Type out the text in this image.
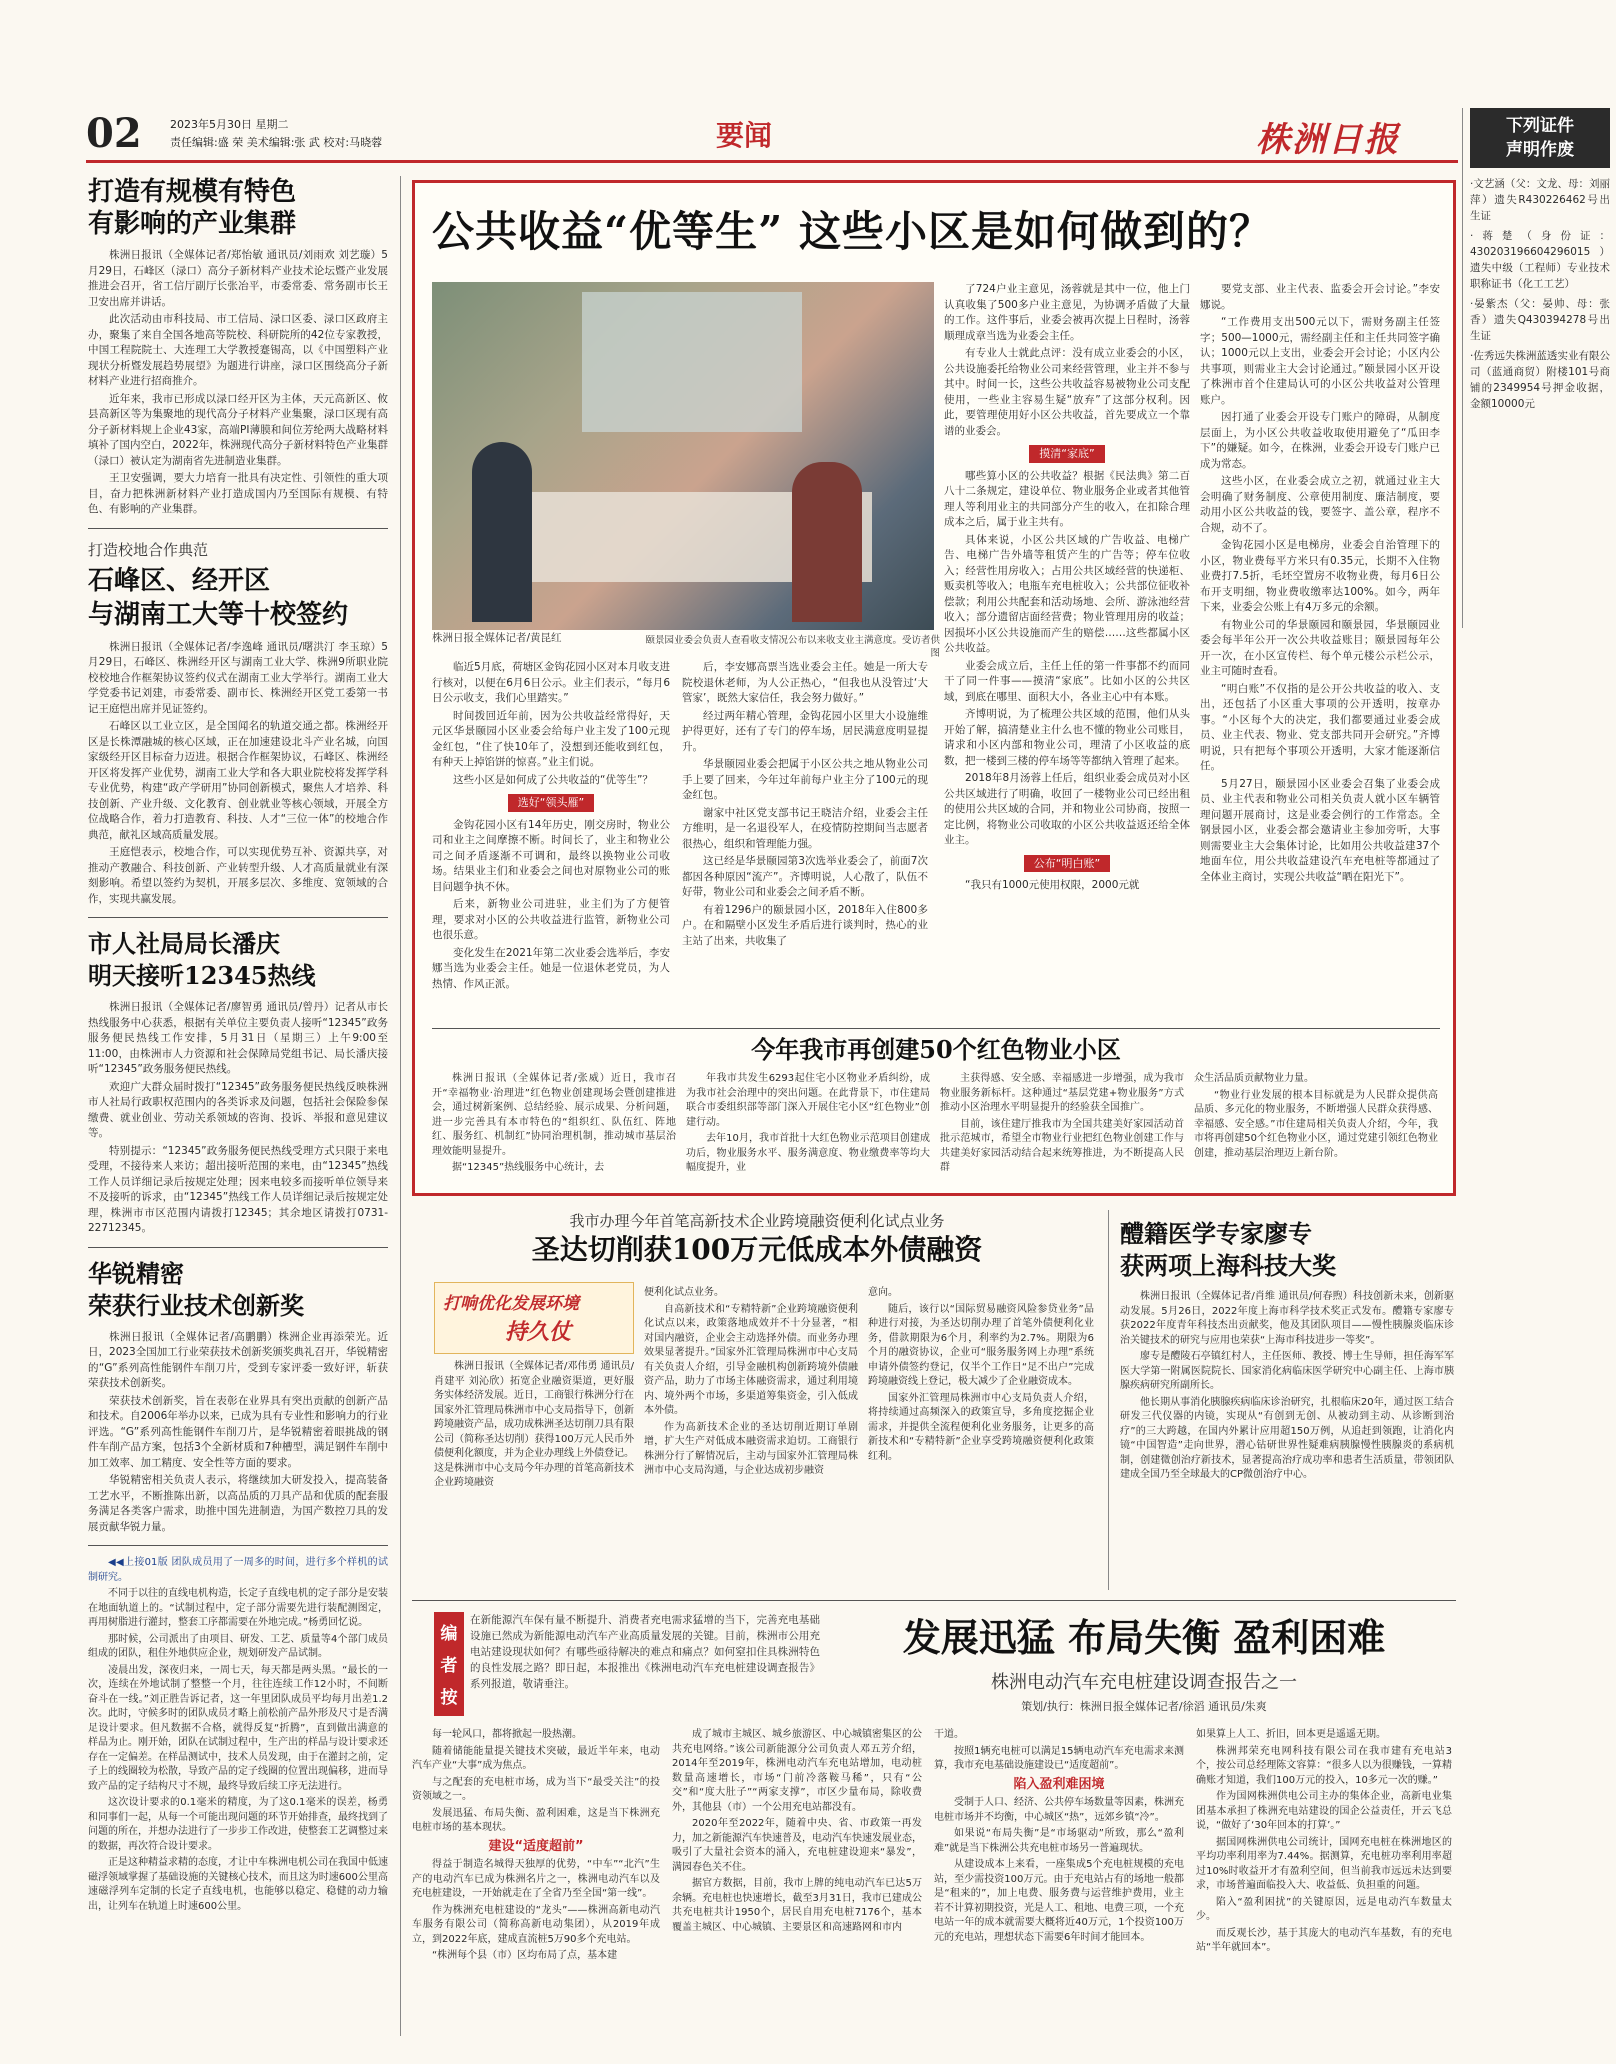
02	2023年5月30日 星期二
责任编辑:盛 荣 美术编辑:张 武 校对:马晓蓉	要闻	株洲日报	下列证件
声明作废

·文艺涵（父：文龙、母：刘丽萍）遗失R430226462号出生证

·蒋楚（身份证：430203196604296015）遗失中级（工程师）专业技术职称证书（化工工艺）

·晏紫杰（父：晏帅、母：张香）遗失Q430394278号出生证

·佐秀远失株洲蓝透实业有限公司（蓝通商贸）附楼101号商铺的2349954号押金收据，金额10000元

打造有规模有特色
有影响的产业集群

株洲日报讯（全媒体记者/郑怡敏 通讯员/刘雨欢 刘艺璇）5月29日，石峰区（渌口）高分子新材料产业技术论坛暨产业发展推进会召开，省工信厅副厅长张冶平，市委常委、常务副市长王卫安出席并讲话。

此次活动由市科技局、市工信局、渌口区委、渌口区政府主办，聚集了来自全国各地高等院校、科研院所的42位专家教授，中国工程院院士、大连理工大学教授蹇锡高，以《中国塑料产业现状分析暨发展趋势展望》为题进行讲座，渌口区围绕高分子新材料产业进行招商推介。

近年来，我市已形成以渌口经开区为主体，天元高新区、攸县高新区等为集聚地的现代高分子材料产业集聚，渌口区现有高分子新材料规上企业43家，高端PI薄膜和间位芳纶两大战略材料填补了国内空白，2022年，株洲现代高分子新材料特色产业集群（渌口）被认定为湖南省先进制造业集群。

王卫安强调，要大力培育一批具有决定性、引领性的重大项目，奋力把株洲新材料产业打造成国内乃至国际有规模、有特色、有影响的产业集群。

打造校地合作典范
石峰区、经开区
与湖南工大等十校签约

株洲日报讯（全媒体记者/李逸峰 通讯员/曙洪汀 李玉琼）5月29日，石峰区、株洲经开区与湖南工业大学、株洲9所职业院校校地合作框架协议签约仪式在湖南工业大学举行。湖南工业大学党委书记刘建，市委常委、副市长、株洲经开区党工委第一书记王庭恺出席并见证签约。

石峰区以工业立区，是全国闻名的轨道交通之都。株洲经开区是长株潭融城的核心区域，正在加速建设北斗产业名城，向国家级经开区目标奋力迈进。根据合作框架协议，石峰区、株洲经开区将发挥产业优势，湖南工业大学和各大职业院校将发挥学科专业优势，构建“政产学研用”协同创新模式，聚焦人才培养、科技创新、产业升级、文化教育、创业就业等核心领域，开展全方位战略合作，着力打造教育、科技、人才“三位一体”的校地合作典范，献礼区域高质量发展。

王庭恺表示，校地合作，可以实现优势互补、资源共享，对推动产教融合、科技创新、产业转型升级、人才高质量就业有深刻影响。希望以签约为契机，开展多层次、多维度、宽领域的合作，实现共赢发展。

市人社局局长潘庆
明天接听12345热线

株洲日报讯（全媒体记者/廖智勇 通讯员/曾丹）记者从市长热线服务中心获悉，根据有关单位主要负责人接听“12345”政务服务便民热线工作安排，5月31日（星期三）上午9:00至11:00，由株洲市人力资源和社会保障局党组书记、局长潘庆接听“12345”政务服务便民热线。

欢迎广大群众届时拨打“12345”政务服务便民热线反映株洲市人社局行政职权范围内的各类诉求及问题，包括社会保险参保缴费、就业创业、劳动关系领域的咨询、投诉、举报和意见建议等。

特别提示：“12345”政务服务便民热线受理方式只限于来电受理，不接待来人来访；超出接听范围的来电，由“12345”热线工作人员详细记录后按规定处理；因来电较多而接听单位领导来不及接听的诉求，由“12345”热线工作人员详细记录后按规定处理，株洲市市区范围内请拨打12345；其余地区请拨打0731-22712345。

华锐精密
荣获行业技术创新奖

株洲日报讯（全媒体记者/高鹏鹏）株洲企业再添荣光。近日，2023全国加工行业荣获技术创新奖颁奖典礼召开，华锐精密的“G”系列高性能钢件车削刀片，受到专家评委一致好评，斩获荣获技术创新奖。

荣获技术创新奖，旨在表彰在业界具有突出贡献的创新产品和技术。自2006年举办以来，已成为具有专业性和影响力的行业评选。“G”系列高性能钢件车削刀片，是华锐精密着眼挑战的钢件车削产品方案，包括3个全新材质和7种槽型，满足钢件车削中加工效率、加工精度、安全性等方面的要求。

华锐精密相关负责人表示，将继续加大研发投入，提高装备工艺水平，不断推陈出新，以高品质的刀具产品和优质的配套服务满足各类客户需求，助推中国先进制造，为国产数控刀具的发展贡献华锐力量。

◀◀上接01版 团队成员用了一周多的时间，进行多个样机的试制研究。

不同于以往的直线电机构造，长定子直线电机的定子部分是安装在地面轨道上的。“试制过程中，定子部分需要先进行装配测图定，再用树脂进行灌封，整套工序都需要在外地完成。”杨勇回忆说。

那时候，公司派出了由项目、研发、工艺、质量等4个部门成员组成的团队，租住外地供应企业，规划研发产品试制。

凌晨出发，深夜归来，一周七天，每天都是两头黑。“最长的一次，连续在外地试制了整整一个月，往往连续工作12小时，不间断奋斗在一线。”刘正胜告诉记者，这一年里团队成员平均每月出差1.2次。此时，守候多时的团队成员才略上前松前产品外形及尺寸是否满足设计要求。但凡数据不合格，就得反复“折腾”，直到做出满意的样品为止。刚开始，团队在试制过程中，生产出的样品与设计要求还存在一定偏差。在样品测试中，技术人员发现，由于在灌封之前，定子上的线圈较为松散，导致产品的定子线圈的位置出现偏移，进而导致产品的定子结构尺寸不规，最终导致后续工序无法进行。

这次设计要求的0.1毫米的精度，为了这0.1毫米的误差，杨勇和同事们一起，从每一个可能出现问题的环节开始排查，最终找到了问题的所在，并想办法进行了一步步工作改进，使整套工艺调整过来的数据，再次符合设计要求。

正是这种精益求精的态度，才让中车株洲电机公司在我国中低速磁浮领域掌握了基础设施的关键核心技术，而且这为时速600公里高速磁浮列车定制的长定子直线电机，也能够以稳定、稳健的动力输出，让列车在轨道上时速600公里。

公共收益“优等生” 这些小区是如何做到的？
颐景园业委会负责人查看收支情况公布以来收支业主满意度。受访者供图
株洲日报全媒体记者/黄昆红

临近5月底，荷塘区金钩花园小区对本月收支进行核对，以便在6月6日公示。业主们表示，“每月6日公示收支，我们心里踏实。”

时间拨回近年前，因为公共收益经常得好，天元区华景颐园小区业委会给每户业主发了100元现金红包，“住了快10年了，没想到还能收到红包，有种天上掉馅饼的惊喜。”业主们说。

这些小区是如何成了公共收益的“优等生”？

选好“领头雁”

金钩花园小区有14年历史，刚交房时，物业公司和业主之间摩擦不断。时间长了，业主和物业公司之间矛盾逐渐不可调和，最终以换物业公司收场。结果业主们和业委会之间也对原物业公司的账目问题争执不休。

后来，新物业公司进驻，业主们为了方便管理，要求对小区的公共收益进行监管，新物业公司也很乐意。

变化发生在2021年第二次业委会选举后，李安娜当选为业委会主任。她是一位退休老党员，为人热情、作风正派。

后，李安娜高票当选业委会主任。她是一所大专院校退休老师，为人公正热心，“但我也从没管过‘大管家’，既然大家信任，我会努力做好。”

经过两年精心管理，金钩花园小区里大小设施维护得更好，还有了专门的停车场，居民满意度明显提升。

华景颐园业委会把属于小区公共之地从物业公司手上要了回来，今年过年前每户业主分了100元的现金红包。

谢家中社区党支部书记王晓洁介绍，业委会主任方维明，是一名退役军人，在疫情防控期间当志愿者很热心，组织和管理能力强。

这已经是华景颐园第3次选举业委会了，前面7次都因各种原因“流产”。齐博明说，人心散了，队伍不好带，物业公司和业委会之间矛盾不断。

有着1296户的颐景园小区，2018年入住800多户。在和隔壁小区发生矛盾后进行谈判时，热心的业主站了出来，共收集了

了724户业主意见，汤蓉就是其中一位，他上门认真收集了500多户业主意见，为协调矛盾做了大量的工作。这件事后，业委会被再次提上日程时，汤蓉顺理成章当选为业委会主任。

有专业人士就此点评：没有成立业委会的小区，公共设施委托给物业公司来经营管理，业主并不参与其中。时间一长，这些公共收益容易被物业公司支配使用，一些业主容易生疑“放弃”了这部分权利。因此，要管理使用好小区公共收益，首先要成立一个靠谱的业委会。

摸清“家底”

哪些算小区的公共收益？根据《民法典》第二百八十二条规定，建设单位、物业服务企业或者其他管理人等利用业主的共同部分产生的收入，在扣除合理成本之后，属于业主共有。

具体来说，小区公共区域的广告收益、电梯广告、电梯广告外墙等租赁产生的广告等；停车位收入；经营性用房收入；占用公共区域经营的快递柜、贩卖机等收入；电瓶车充电桩收入；公共部位征收补偿款；利用公共配套和活动场地、会所、游泳池经营收入；部分遗留店面经营费；物业管理用房的收益；因损坏小区公共设施而产生的赔偿……这些都属小区公共收益。

业委会成立后，主任上任的第一件事都不约而同干了同一件事——摸清“家底”。比如小区的公共区域，到底在哪里、面积大小，各业主心中有本账。

齐博明说，为了梳理公共区域的范围，他们从头开始了解，搞清楚业主什么也不懂的物业公司账目，请求和小区内部和物业公司，理清了小区收益的底数，把一楼到三楼的停车场等等都纳入管理了起来。

2018年8月汤蓉上任后，组织业委会成员对小区公共区域进行了明确，收回了一楼物业公司已经出租的使用公共区域的合同，并和物业公司协商，按照一定比例，将物业公司收取的小区公共收益返还给全体业主。

公布“明白账”

“我只有1000元使用权限，2000元就

要党支部、业主代表、监委会开会讨论。”李安娜说。

“工作费用支出500元以下，需财务副主任签字；500—1000元，需经副主任和主任共同签字确认；1000元以上支出，业委会开会讨论；小区内公共事项，则需业主大会讨论通过。”颐景园小区开设了株洲市首个住建局认可的小区公共收益对公管理账户。

因打通了业委会开设专门账户的障碍，从制度层面上，为小区公共收益收取使用避免了“瓜田李下”的嫌疑。如今，在株洲，业委会开设专门账户已成为常态。

这些小区，在业委会成立之初，就通过业主大会明确了财务制度、公章使用制度、廉洁制度，要动用小区公共收益的钱，要签字、盖公章，程序不合规，动不了。

金钩花园小区是电梯房，业委会自治管理下的小区，物业费每平方米只有0.35元，长期不入住物业费打7.5折，毛坯空置房不收物业费，每月6日公布开支明细，物业费收缴率达100%。如今，两年下来，业委会公账上有4万多元的余额。

有物业公司的华景颐园和颐景园，华景颐园业委会每半年公开一次公共收益账目；颐景园每年公开一次，在小区宣传栏、每个单元楼公示栏公示，业主可随时查看。

“明白账”不仅指的是公开公共收益的收入、支出，还包括了小区重大事项的公开透明，按章办事。“小区每个大的决定，我们都要通过业委会成员、业主代表、物业、党支部共同开会研究。”齐博明说，只有把每个事项公开透明，大家才能逐渐信任。

5月27日，颐景园小区业委会召集了业委会成员、业主代表和物业公司相关负责人就小区车辆管理问题开展商讨，这是业委会例行的工作常态。全钢景园小区，业委会都会邀请业主参加旁听，大事则需要业主大会集体讨论，比如用公共收益建37个地面车位，用公共收益建设汽车充电桩等都通过了全体业主商讨，实现公共收益“晒在阳光下”。

今年我市再创建50个红色物业小区

株洲日报讯（全媒体记者/张威）近日，我市召开“幸福物业·治理进”红色物业创建现场会暨创建推进会，通过树新案例、总结经验、展示成果、分析问题，进一步完善具有本市特色的“组织红、队伍红、阵地红、服务红、机制红”协同治理机制，推动城市基层治理效能明显提升。

据“12345”热线服务中心统计，去

年我市共发生6293起住宅小区物业矛盾纠纷，成为我市社会治理中的突出问题。在此背景下，市住建局联合市委组织部等部门深入开展住宅小区“红色物业”创建行动。

去年10月，我市首批十大红色物业示范项目创建成功后，物业服务水平、服务满意度、物业缴费率等均大幅度提升，业

主获得感、安全感、幸福感进一步增强，成为我市物业服务新标杆。这种通过“基层党建+物业服务”方式推动小区治理水平明显提升的经验获全国推广。

目前，该住建厅推我市为全国共建美好家园活动首批示范城市，希望全市物业行业把红色物业创建工作与共建美好家园活动结合起来统筹推进，为不断提高人民群

众生活品质贡献物业力量。

“物业行业发展的根本目标就是为人民群众提供高品质、多元化的物业服务，不断增强人民群众获得感、幸福感、安全感。”市住建局相关负责人介绍，今年，我市将再创建50个红色物业小区，通过党建引领红色物业创建，推动基层治理迈上新台阶。

我市办理今年首笔高新技术企业跨境融资便利化试点业务
圣达切削获100万元低成本外债融资
打响优化发展环境
持久仗

株洲日报讯（全媒体记者/邓伟勇 通讯员/肖建平 刘沁欣）拓宽企业融资渠道，更好服务实体经济发展。近日，工商银行株洲分行在国家外汇管理局株洲市中心支局指导下，创新跨境融资产品，成功成株洲圣达切削刀具有限公司（简称圣达切削）获得100万元人民币外债便利化额度，并为企业办理线上外债登记。这是株洲市中心支局今年办理的首笔高新技术企业跨境融资

便利化试点业务。

自高新技术和“专精特新”企业跨境融资便利化试点以来，政策落地成效并不十分显著，“相对国内融资，企业会主动选择外债。而业务办理效果显著提升。”国家外汇管理局株洲市中心支局有关负责人介绍，引导金融机构创新跨境外债融资产品，助力了市场主体融资需求，通过利用境内、境外两个市场，多渠道筹集资金，引入低成本外债。

作为高新技术企业的圣达切削近期订单剧增，扩大生产对低成本融资需求迫切。工商银行株洲分行了解情况后，主动与国家外汇管理局株洲市中心支局沟通，与企业达成初步融资

意向。

随后，该行以“国际贸易融资风险参贷业务”品种进行对接，为圣达切削办理了首笔外债便利化业务，借款期限为6个月，利率约为2.7%。期限为6个月的融资协议，企业可“服务服务网上办理”系统申请外债签约登记，仅半个工作日“足不出户”完成跨境融资线上登记，极大减少了企业融资成本。

国家外汇管理局株洲市中心支局负责人介绍，将持续通过高频深入的政策宣导，多角度挖掘企业需求，并提供全流程便利化业务服务，让更多的高新技术和“专精特新”企业享受跨境融资便利化政策红利。

醴籍医学专家廖专
获两项上海科技大奖

株洲日报讯（全媒体记者/肖维 通讯员/何春煦）科技创新未来，创新驱动发展。5月26日，2022年度上海市科学技术奖正式发布。醴籍专家廖专获2022年度青年科技杰出贡献奖，他及其团队项目——慢性胰腺炎临床诊治关键技术的研究与应用也荣获“上海市科技进步一等奖”。

廖专是醴陵石亭镇红村人，主任医师、教授、博士生导师，担任海军军医大学第一附属医院院长、国家消化病临床医学研究中心副主任、上海市胰腺疾病研究所副所长。

他长期从事消化胰腺疾病临床诊治研究，扎根临床20年，通过医工结合研发三代仪器的内镜，实现从“有创到无创、从被动到主动、从诊断到治疗”的三大跨越，在国内外累计应用超150万例，从追赶到领跑，让消化内镜“中国智造”走向世界，潜心钻研世界性疑难病胰腺慢性胰腺炎的系病机制，创建微创治疗新技术，显著提高治疗成功率和患者生活质量，带领团队建成全国乃至全球最大的CP微创治疗中心。

编
者
按
在新能源汽车保有量不断提升、消费者充电需求猛增的当下，完善充电基础设施已然成为新能源电动汽车产业高质量发展的关键。目前，株洲市公用充电站建设现状如何？有哪些亟待解决的难点和痛点？如何窒扣住具株洲特色的良性发展之路？即日起，本报推出《株洲电动汽车充电桩建设调查报告》系列报道，敬请垂注。
发展迅猛 布局失衡 盈利困难
株洲电动汽车充电桩建设调查报告之一
策划/执行：株洲日报全媒体记者/徐滔 通讯员/朱爽

每一轮风口，都将掀起一股热潮。

随着储能能量提关键技术突破，最近半年来，电动汽车产业“大事”成为焦点。

与之配套的充电桩市场，成为当下“最受关注”的投资领域之一。

发展迅猛、布局失衡、盈利困难，这是当下株洲充电桩市场的基本现状。

建设“适度超前”

得益于制造名城得天独厚的优势，“中车”“北汽”生产的电动汽车已成为株洲名片之一，株洲电动汽车以及充电桩建设，一开始就走在了全省乃至全国“第一线”。

作为株洲充电桩建设的“龙头”——株洲高新电动汽车服务有限公司（简称高新电动集团），从2019年成立，到2022年底，建成直流桩5万90多个充电站。

“株洲每个县（市）区均布局了点，基本建

成了城市主城区、城乡旅游区、中心城镇密集区的公共充电网络。”该公司新能源分公司负责人邓五芳介绍，2014年至2019年，株洲电动汽车充电站增加，电动桩数量高速增长，市场“门前冷落鞍马稀”，只有“公交”和“度大肚子”“两家支撑”，市区少量布局，除收费外，其他县（市）一个公用充电站都没有。

2020年至2022年，随着中央、省、市政策一再发力，加之新能源汽车快速普及，电动汽车快速发展业态，吸引了大量社会资本的涌入，充电桩建设迎来“暴发”，满园春色关不住。

据官方数据，目前，我市上牌的纯电动汽车已达5万余辆。充电桩也快速增长，截至3月31日，我市已建成公共充电桩共计1950个，居民自用充电桩7176个，基本覆盖主城区、中心城镇、主要景区和高速路网和市内

干道。

按照1辆充电桩可以满足15辆电动汽车充电需求来测算，我市充电基础设施建设已“适度超前”。

陷入盈利难困境

受制于人口、经济、公共停车场数量等因素，株洲充电桩市场并不均衡，中心城区“热”，远郊乡镇“冷”。

如果说“布局失衡”是“市场驱动”所致，那么“盈利难”就是当下株洲公共充电桩市场另一普遍现状。

从建设成本上来看，一座集成5个充电桩规模的充电站，至少需投资100万元。由于充电站占有的场地一般都是“租来的”，加上电费、服务费与运营维护费用，业主若不计算初期投资，光是人工、租地、电费三项，一个充电站一年的成本就需要大概将近40万元，1个投资100万元的充电站，理想状态下需要6年时间才能回本。

如果算上人工、折旧，回本更是遥遥无期。

株洲邦荣充电网科技有限公司在我市建有充电站3个，按公司总经理陈文容算：“很多人以为很赚钱，一算精确账才知道，我们100万元的投入，10多元一次的赚。”

作为国网株洲供电公司主办的集体企业，高新电业集团基本承担了株洲充电站建设的国企公益责任，开云飞总说，“做好了‘30年回本的打算’。”

据国网株洲供电公司统计，国网充电桩在株洲地区的平均功率利用率为7.44%。据测算，充电桩功率利用率超过10%时收益开才有盈利空间，但当前我市远远未达到要求，市场普遍面临投入大、收益低、负担重的问题。

陷入“盈利困扰”的关键原因，远是电动汽车数量太少。

而反观长沙，基于其庞大的电动汽车基数，有的充电站“半年就回本”。
